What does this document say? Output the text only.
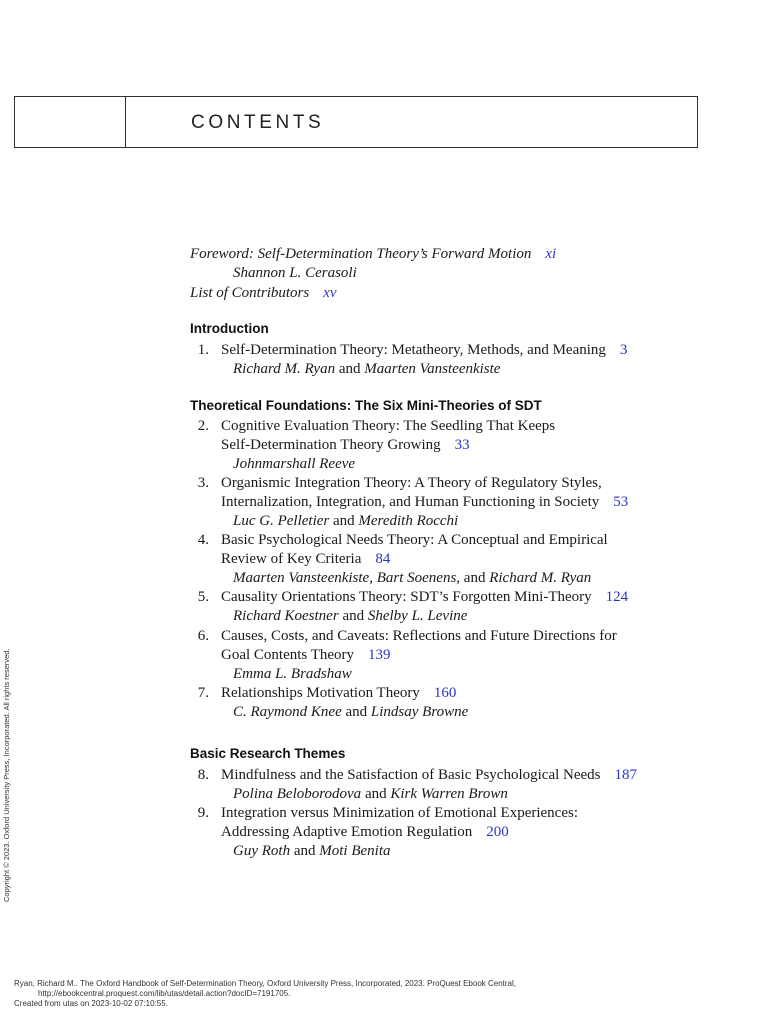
CONTENTS
Foreword: Self-Determination Theory’s Forward Motion xi
Shannon L. Cerasoli
List of Contributors xv
Introduction
Theoretical Foundations: The Six Mini-Theories of SDT
Basic Research Themes
1. Self-Determination Theory: Metatheory, Methods, and Meaning 3
Richard M. Ryan and Maarten Vansteenkiste
2. Cognitive Evaluation Theory: The Seedling That Keeps
Self-Determination Theory Growing 33
Johnmarshall Reeve
3. Organismic Integration Theory: A Theory of Regulatory Styles,
Internalization, Integration, and Human Functioning in Society 53
Luc G. Pelletier and Meredith Rocchi
4. Basic Psychological Needs Theory: A Conceptual and Empirical
Review of Key Criteria 84
Maarten Vansteenkiste, Bart Soenens, and Richard M. Ryan
5. Causality Orientations Theory: SDT’s Forgotten Mini-Theory 124
Richard Koestner and Shelby L. Levine
6. Causes, Costs, and Caveats: Reflections and Future Directions for
Goal Contents Theory 139
Emma L. Bradshaw
7. Relationships Motivation Theory 160
C. Raymond Knee and Lindsay Browne
8. Mindfulness and the Satisfaction of Basic Psychological Needs 187
Polina Beloborodova and Kirk Warren Brown
9. Integration versus Minimization of Emotional Experiences:
Addressing Adaptive Emotion Regulation 200
Guy Roth and Moti Benita
Copyright © 2023. Oxford University Press, Incorporated. All rights reserved.
Ryan, Richard M.. The Oxford Handbook of Self-Determination Theory, Oxford University Press, Incorporated, 2023. ProQuest Ebook Central,
http://ebookcentral.proquest.com/lib/utas/detail.action?docID=7191705.
Created from utas on 2023-10-02 07:10:55.
